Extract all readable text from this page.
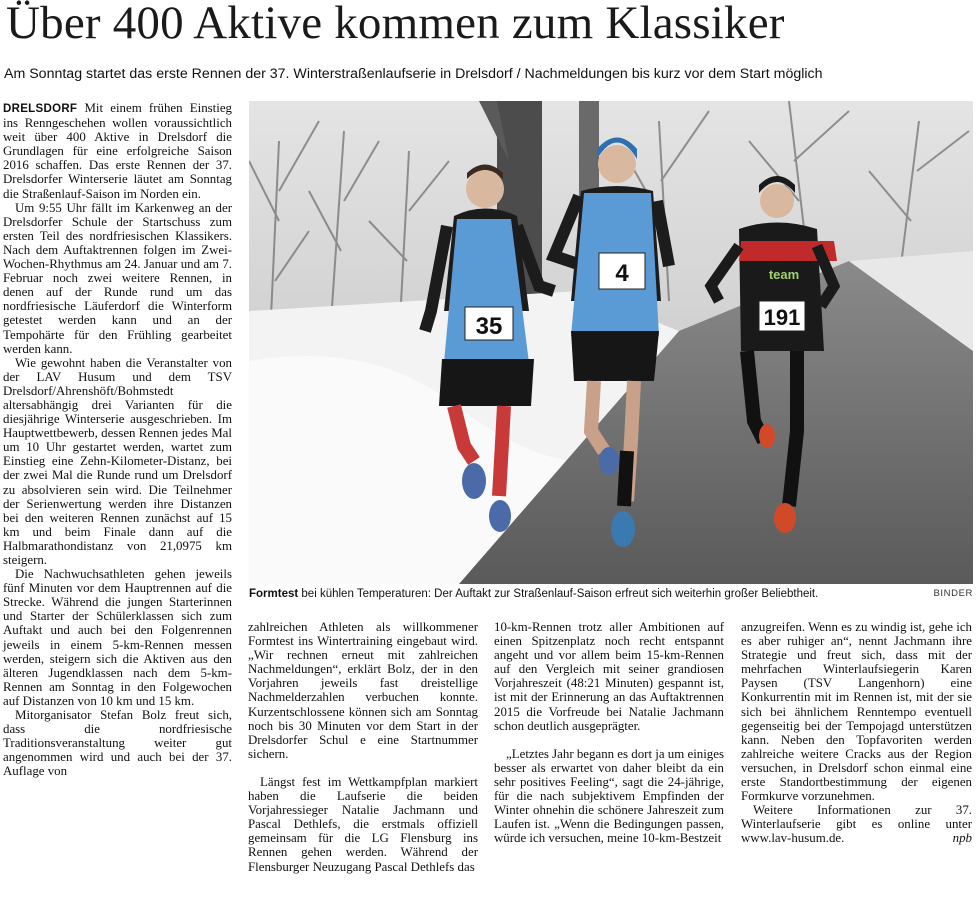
Über 400 Aktive kommen zum Klassiker
Am Sonntag startet das erste Rennen der 37. Winterstraßenlaufserie in Drelsdorf / Nachmeldungen bis kurz vor dem Start möglich

DRELSDORF Mit einem frühen Einstieg ins Renngeschehen wollen voraussichtlich weit über 400 Aktive in Drelsdorf die Grundlagen für eine erfolgreiche Saison 2016 schaffen. Das erste Rennen der 37. Drelsdorfer Winterserie läutet am Sonntag die Straßenlauf-Saison im Norden ein.

Um 9:55 Uhr fällt im Karkenweg an der Drelsdorfer Schule der Startschuss zum ersten Teil des nordfriesischen Klassikers. Nach dem Auftaktrennen folgen im Zwei-Wochen-Rhythmus am 24. Januar und am 7. Februar noch zwei weitere Rennen, in denen auf der Runde rund um das nordfriesische Läuferdorf die Winterform getestet werden kann und an der Tempohärte für den Frühling gearbeitet werden kann.

Wie gewohnt haben die Veranstalter von der LAV Husum und dem TSV Drelsdorf/Ahrenshöft/Bohmstedt altersabhängig drei Varianten für die diesjährige Winterserie ausgeschrieben. Im Hauptwettbewerb, dessen Rennen jedes Mal um 10 Uhr gestartet werden, wartet zum Einstieg eine Zehn-Kilometer-Distanz, bei der zwei Mal die Runde rund um Drelsdorf zu absolvieren sein wird. Die Teilnehmer der Serienwertung werden ihre Distanzen bei den weiteren Rennen zunächst auf 15 km und beim Finale dann auf die Halbmarathondistanz von 21,0975 km steigern.

Die Nachwuchsathleten gehen jeweils fünf Minuten vor dem Hauptrennen auf die Strecke. Während die jungen Starterinnen und Starter der Schülerklassen sich zum Auftakt und auch bei den Folgenrennen jeweils in einem 5-km-Rennen messen werden, steigern sich die Aktiven aus den älteren Jugendklassen nach dem 5-km-Rennen am Sonntag in den Folgewochen auf Distanzen von 10 km und 15 km.

Mitorganisator Stefan Bolz freut sich, dass die nordfriesische Traditionsveranstaltung weiter gut angenommen wird und auch bei der 37. Auflage von

35
4	team
191
Formtest bei kühlen Temperaturen: Der Auftakt zur Straßenlauf-Saison erfreut sich weiterhin großer Beliebtheit.	BINDER

zahlreichen Athleten als willkommener Formtest ins Wintertraining eingebaut wird. „Wir rechnen erneut mit zahlreichen Nachmeldungen“, erklärt Bolz, der in den Vorjahren jeweils fast dreistellige Nachmelderzahlen verbuchen konnte. Kurzentschlossene können sich am Sonntag noch bis 30 Minuten vor dem Start in der Drelsdorfer Schul e eine Startnummer sichern.

Längst fest im Wettkampfplan markiert haben die Laufserie die beiden Vorjahressieger Natalie Jachmann und Pascal Dethlefs, die erstmals offiziell gemeinsam für die LG Flensburg ins Rennen gehen werden. Während der Flensburger Neuzugang Pascal Dethlefs das

10-km-Rennen trotz aller Ambitionen auf einen Spitzenplatz noch recht entspannt angeht und vor allem beim 15-km-Rennen auf den Vergleich mit seiner grandiosen Vorjahreszeit (48:21 Minuten) gespannt ist, ist mit der Erinnerung an das Auftaktrennen 2015 die Vorfreude bei Natalie Jachmann schon deutlich ausgeprägter.

„Letztes Jahr begann es dort ja um einiges besser als erwartet von daher bleibt da ein sehr positives Feeling“, sagt die 24-jährige, für die nach subjektivem Empfinden der Winter ohnehin die schönere Jahreszeit zum Laufen ist. „Wenn die Bedingungen passen, würde ich versuchen, meine 10-km-Bestzeit

anzugreifen. Wenn es zu windig ist, gehe ich es aber ruhiger an“, nennt Jachmann ihre Strategie und freut sich, dass mit der mehrfachen Winterlaufsiegerin Karen Paysen (TSV Langenhorn) eine Konkurrentin mit im Rennen ist, mit der sie sich bei ähnlichem Renntempo eventuell gegenseitig bei der Tempojagd unterstützen kann. Neben den Topfavoriten werden zahlreiche weitere Cracks aus der Region versuchen, in Drelsdorf schon einmal eine erste Standortbestimmung der eigenen Formkurve vorzunehmen.

Weitere Informationen zur 37. Winterlaufserie gibt es online unter www.lav-husum.de.	npb
